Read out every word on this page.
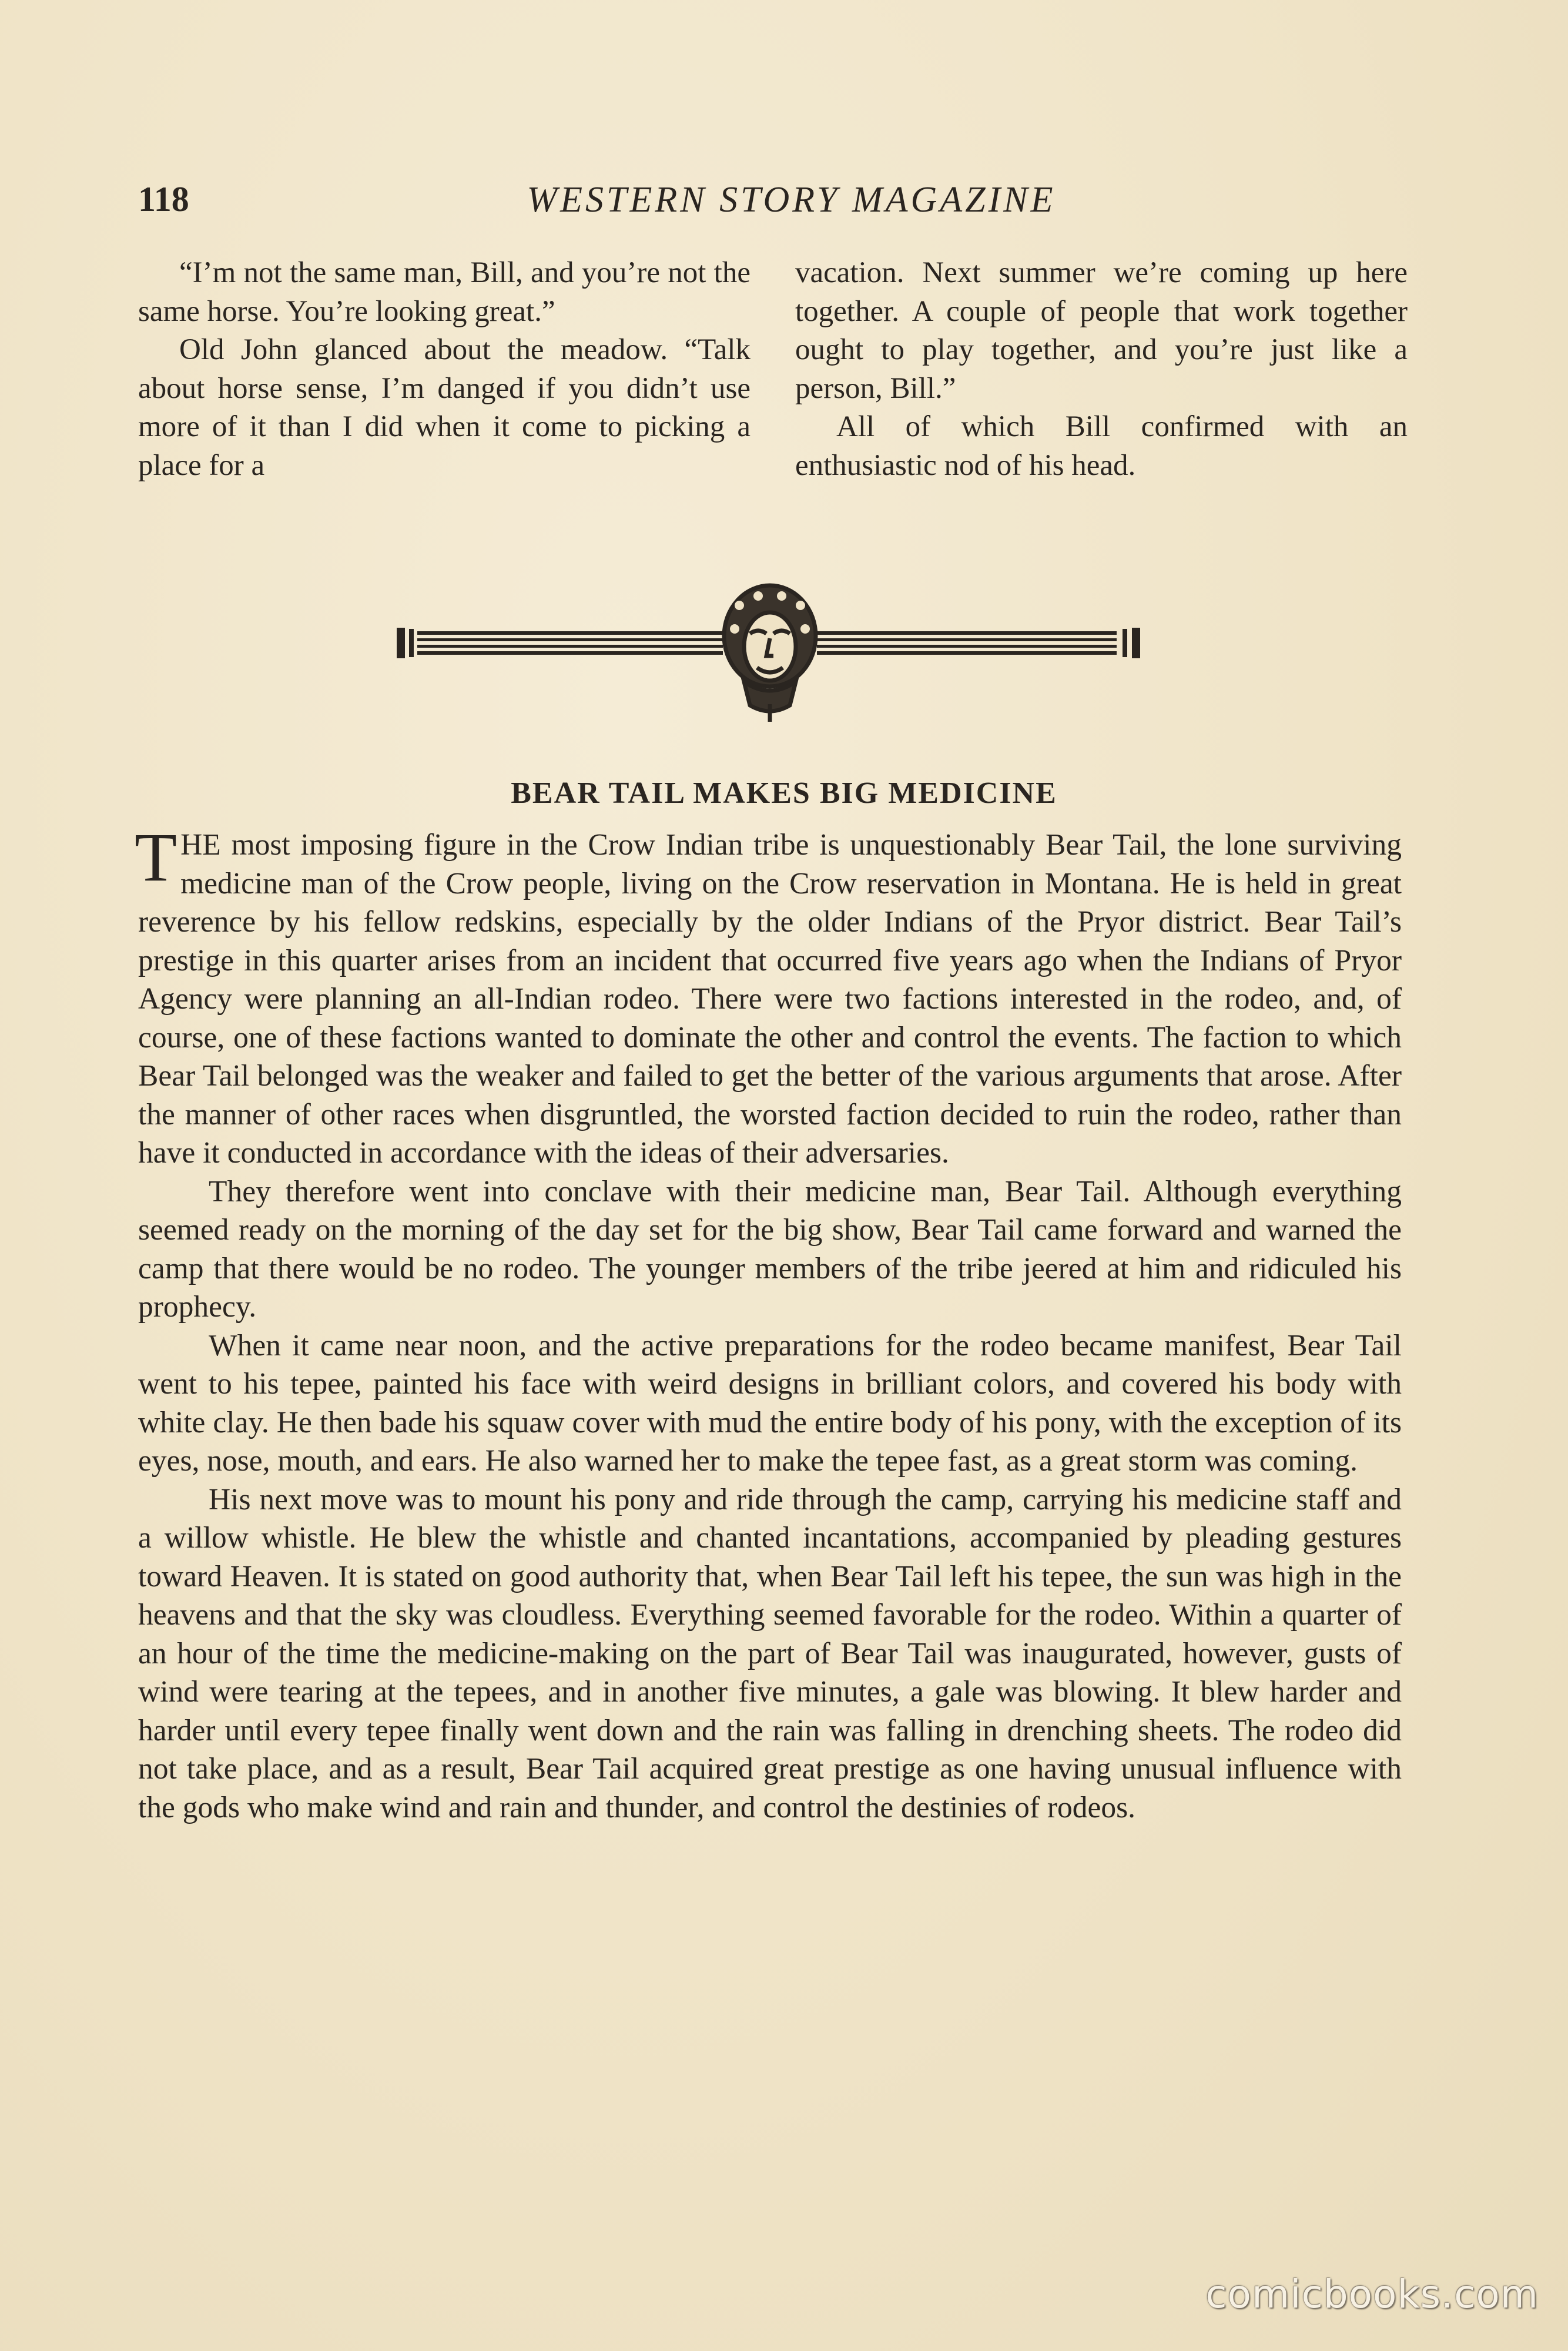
118	WESTERN STORY MAGAZINE

“I’m not the same man, Bill, and you’re not the same horse. You’re looking great.”

Old John glanced about the meadow. “Talk about horse sense, I’m danged if you didn’t use more of it than I did when it come to picking a place for a

vacation. Next summer we’re coming up here together. A couple of people that work together ought to play together, and you’re just like a person, Bill.”

All of which Bill confirmed with an enthusiastic nod of his head.

BEAR TAIL MAKES BIG MEDICINE

THE most imposing figure in the Crow Indian tribe is unquestionably Bear Tail, the lone surviving medicine man of the Crow people, living on the Crow reservation in Montana. He is held in great reverence by his fellow redskins, especially by the older Indians of the Pryor district. Bear Tail’s prestige in this quarter arises from an incident that occurred five years ago when the Indians of Pryor Agency were planning an all-Indian rodeo. There were two factions interested in the rodeo, and, of course, one of these factions wanted to dominate the other and control the events. The faction to which Bear Tail belonged was the weaker and failed to get the better of the various arguments that arose. After the manner of other races when disgruntled, the worsted faction decided to ruin the rodeo, rather than have it conducted in accordance with the ideas of their adversaries.

They therefore went into conclave with their medicine man, Bear Tail. Although everything seemed ready on the morning of the day set for the big show, Bear Tail came forward and warned the camp that there would be no rodeo. The younger members of the tribe jeered at him and ridiculed his prophecy.

When it came near noon, and the active preparations for the rodeo became manifest, Bear Tail went to his tepee, painted his face with weird designs in brilliant colors, and covered his body with white clay. He then bade his squaw cover with mud the entire body of his pony, with the exception of its eyes, nose, mouth, and ears. He also warned her to make the tepee fast, as a great storm was coming.

His next move was to mount his pony and ride through the camp, carrying his medicine staff and a willow whistle. He blew the whistle and chanted incantations, accompanied by pleading gestures toward Heaven. It is stated on good authority that, when Bear Tail left his tepee, the sun was high in the heavens and that the sky was cloudless. Everything seemed favorable for the rodeo. Within a quarter of an hour of the time the medicine-making on the part of Bear Tail was inaugurated, however, gusts of wind were tearing at the tepees, and in another five minutes, a gale was blowing. It blew harder and harder until every tepee finally went down and the rain was falling in drenching sheets. The rodeo did not take place, and as a result, Bear Tail acquired great prestige as one having unusual influence with the gods who make wind and rain and thunder, and control the destinies of rodeos.

comicbooks.com
